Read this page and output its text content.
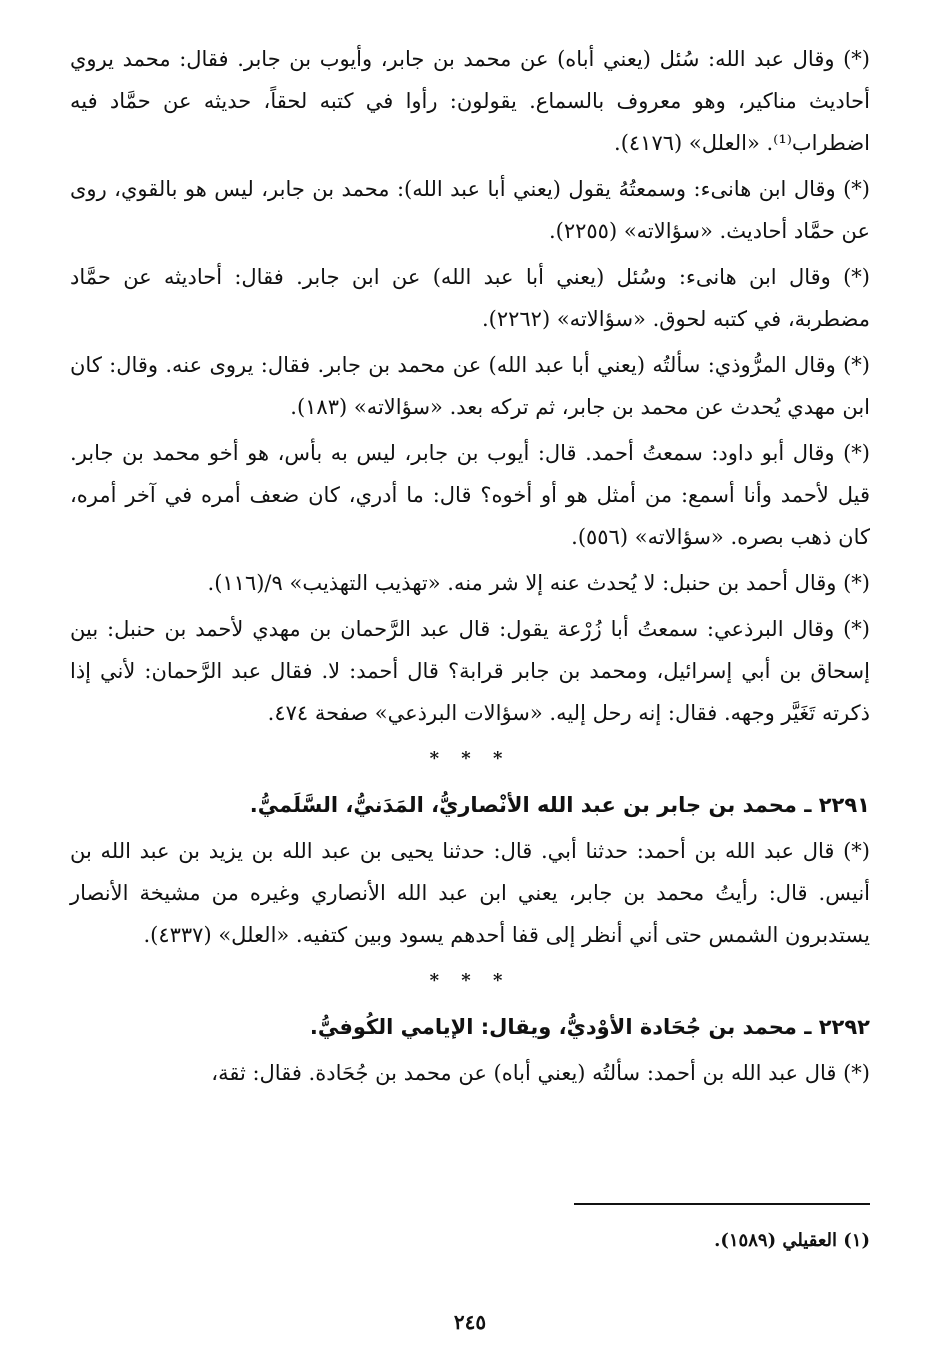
(*) وقال عبد الله: سُئل (يعني أباه) عن محمد بن جابر، وأيوب بن جابر. فقال: محمد يروي أحاديث مناكير، وهو معروف بالسماع. يقولون: رأوا في كتبه لحقاً، حديثه عن حمَّاد فيه اضطراب⁽¹⁾. «العلل» (٤١٧٦).

(*) وقال ابن هانىء: وسمعتُهُ يقول (يعني أبا عبد الله): محمد بن جابر، ليس هو بالقوي، روى عن حمَّاد أحاديث. «سؤالاته» (٢٢٥٥).

(*) وقال ابن هانىء: وسُئل (يعني أبا عبد الله) عن ابن جابر. فقال: أحاديثه عن حمَّاد مضطربة، في كتبه لحوق. «سؤالاته» (٢٢٦٢).

(*) وقال المرُّوذي: سألتُه (يعني أبا عبد الله) عن محمد بن جابر. فقال: يروى عنه. وقال: كان ابن مهدي يُحدث عن محمد بن جابر، ثم تركه بعد. «سؤالاته» (١٨٣).

(*) وقال أبو داود: سمعتُ أحمد. قال: أيوب بن جابر، ليس به بأس، هو أخو محمد بن جابر. قيل لأحمد وأنا أسمع: من أمثل هو أو أخوه؟ قال: ما أدري، كان ضعف أمره في آخر أمره، كان ذهب بصره. «سؤالاته» (٥٥٦).

(*) وقال أحمد بن حنبل: لا يُحدث عنه إلا شر منه. «تهذيب التهذيب» ٩/(١١٦).

(*) وقال البرذعي: سمعتُ أبا زُرْعة يقول: قال عبد الرَّحمان بن مهدي لأحمد بن حنبل: بين إسحاق بن أبي إسرائيل، ومحمد بن جابر قرابة؟ قال أحمد: لا. فقال عبد الرَّحمان: لأني إذا ذكرته تَغَيَّر وجهه. فقال: إنه رحل إليه. «سؤالات البرذعي» صفحة ٤٧٤.

* * *
٢٢٩١ ـ محمد بن جابر بن عبد الله الأنْصاريُّ، المَدَنيُّ، السَّلَميُّ.

(*) قال عبد الله بن أحمد: حدثنا أبي. قال: حدثنا يحيى بن عبد الله بن يزيد بن عبد الله بن أنيس. قال: رأيتُ محمد بن جابر، يعني ابن عبد الله الأنصاري وغيره من مشيخة الأنصار يستدبرون الشمس حتى أني أنظر إلى قفا أحدهم يسود وبين كتفيه. «العلل» (٤٣٣٧).

* * *
٢٢٩٢ ـ محمد بن جُحَادة الأوْديُّ، ويقال: الإيامي الكُوفيُّ.

(*) قال عبد الله بن أحمد: سألتُه (يعني أباه) عن محمد بن جُحَادة. فقال: ثقة،

(١) العقيلي (١٥٨٩).
٢٤٥
